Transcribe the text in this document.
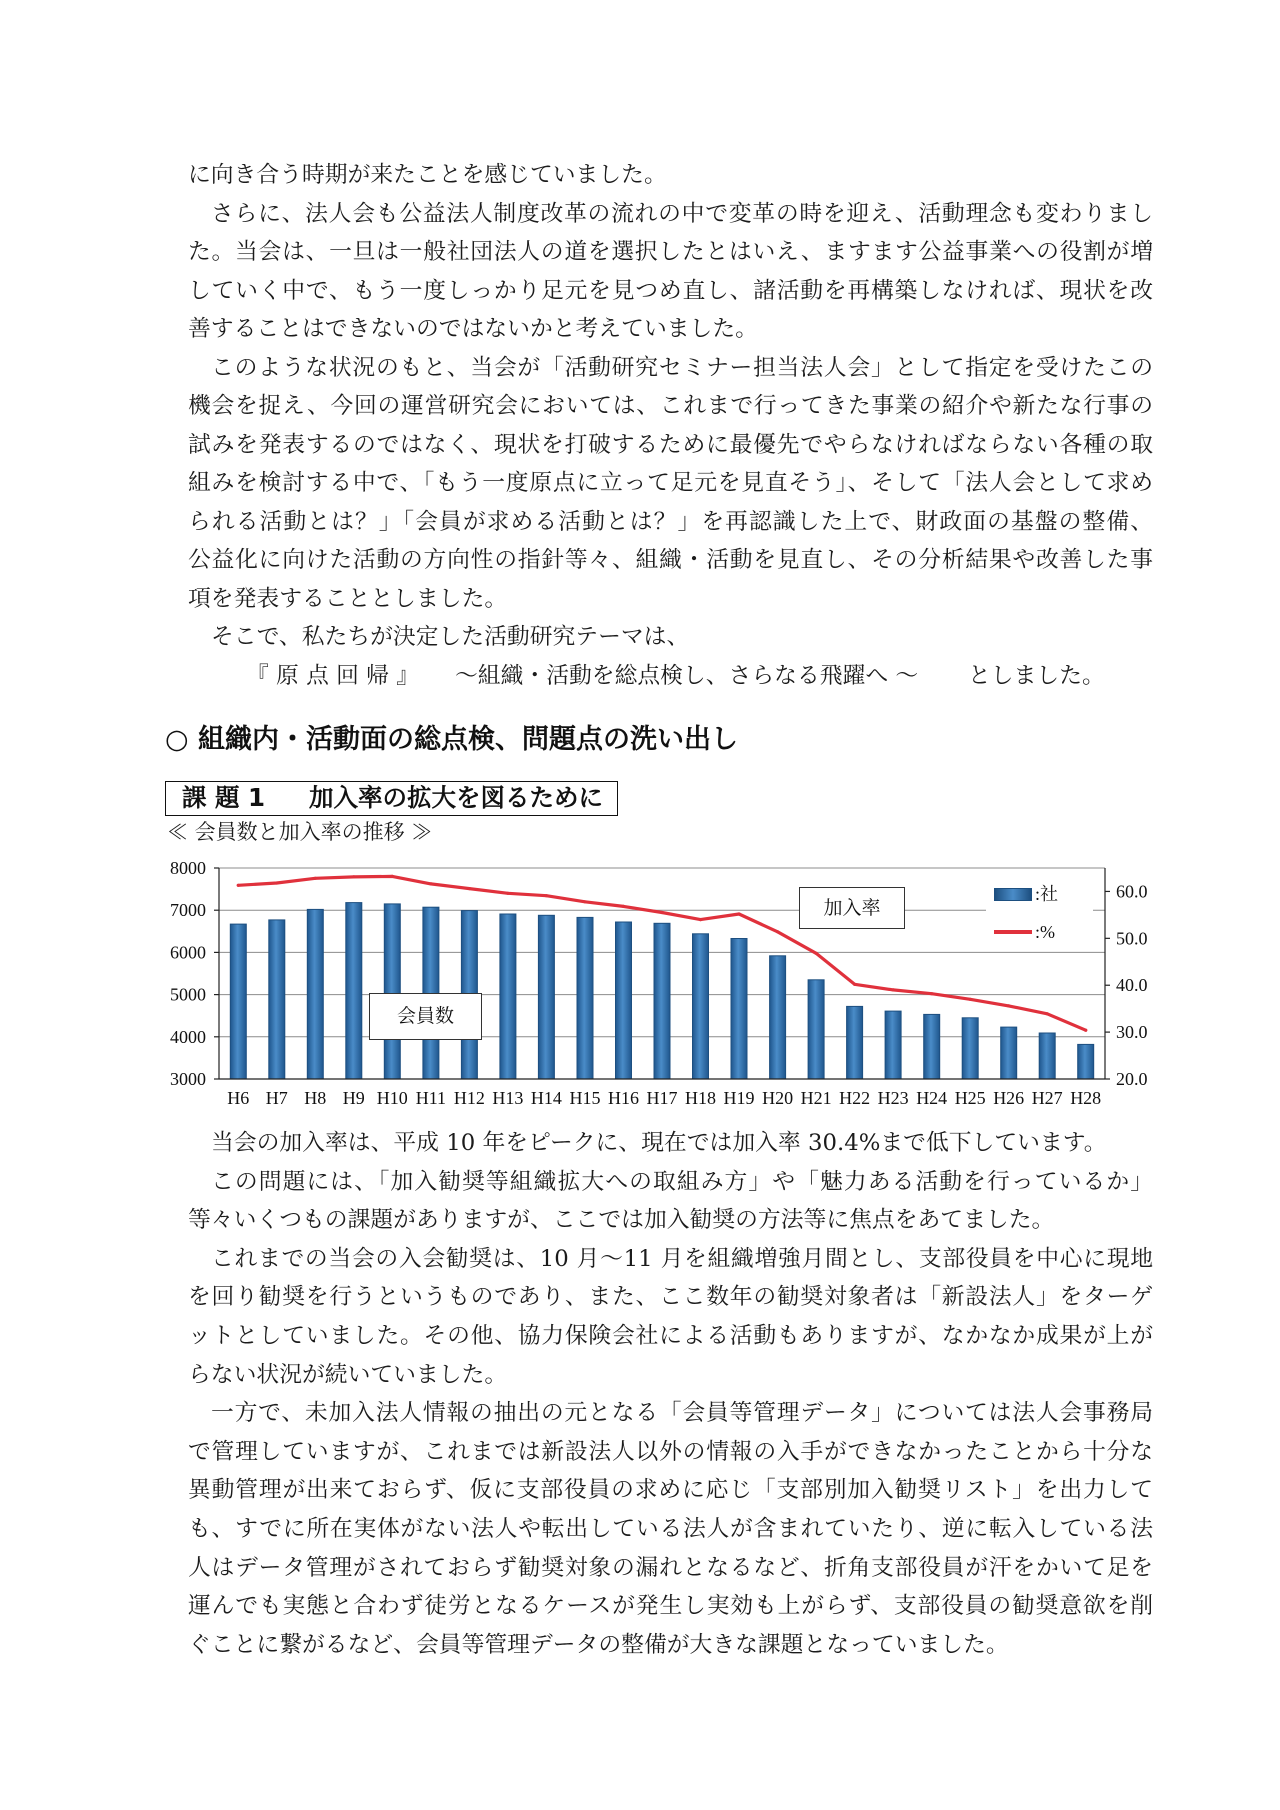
に向き合う時期が来たことを感じていました。
さらに、法人会も公益法人制度改革の流れの中で変革の時を迎え、活動理念も変わりまし
た。当会は、一旦は一般社団法人の道を選択したとはいえ、ますます公益事業への役割が増
していく中で、もう一度しっかり足元を見つめ直し、諸活動を再構築しなければ、現状を改
善することはできないのではないかと考えていました。
このような状況のもと、当会が「活動研究セミナー担当法人会」として指定を受けたこの
機会を捉え、今回の運営研究会においては、これまで行ってきた事業の紹介や新たな行事の
試みを発表するのではなく、現状を打破するために最優先でやらなければならない各種の取
組みを検討する中で、「もう一度原点に立って足元を見直そう」、そして「法人会として求め
られる活動とは？」「会員が求める活動とは？」を再認識した上で、財政面の基盤の整備、
公益化に向けた活動の方向性の指針等々、組織・活動を見直し、その分析結果や改善した事
項を発表することとしました。
そこで、私たちが決定した活動研究テーマは、
『 原 点 回 帰 』 ～組織・活動を総点検し、さらなる飛躍へ ～ としました。
○ 組織内・活動面の総点検、問題点の洗い出し
課 題 1 加入率の拡大を図るために
≪ 会員数と加入率の推移 ≫
8000
7000
6000
5000
4000
3000
60.0
50.0
40.0
30.0
20.0
H6 H7 H8 H9 H10 H11 H12 H13 H14 H15 H16 H17 H18 H19 H20 H21 H22 H23 H24 H25 H26 H27 H28
:社
:%
加入率
会員数
当会の加入率は、平成 10 年をピークに、現在では加入率 30.4%まで低下しています。
この問題には、「加入勧奨等組織拡大への取組み方」や「魅力ある活動を行っているか」
等々いくつもの課題がありますが、ここでは加入勧奨の方法等に焦点をあてました。
これまでの当会の入会勧奨は、10 月～11 月を組織増強月間とし、支部役員を中心に現地
を回り勧奨を行うというものであり、また、ここ数年の勧奨対象者は「新設法人」をターゲ
ットとしていました。その他、協力保険会社による活動もありますが、なかなか成果が上が
らない状況が続いていました。
一方で、未加入法人情報の抽出の元となる「会員等管理データ」については法人会事務局
で管理していますが、これまでは新設法人以外の情報の入手ができなかったことから十分な
異動管理が出来ておらず、仮に支部役員の求めに応じ「支部別加入勧奨リスト」を出力して
も、すでに所在実体がない法人や転出している法人が含まれていたり、逆に転入している法
人はデータ管理がされておらず勧奨対象の漏れとなるなど、折角支部役員が汗をかいて足を
運んでも実態と合わず徒労となるケースが発生し実効も上がらず、支部役員の勧奨意欲を削
ぐことに繋がるなど、会員等管理データの整備が大きな課題となっていました。
